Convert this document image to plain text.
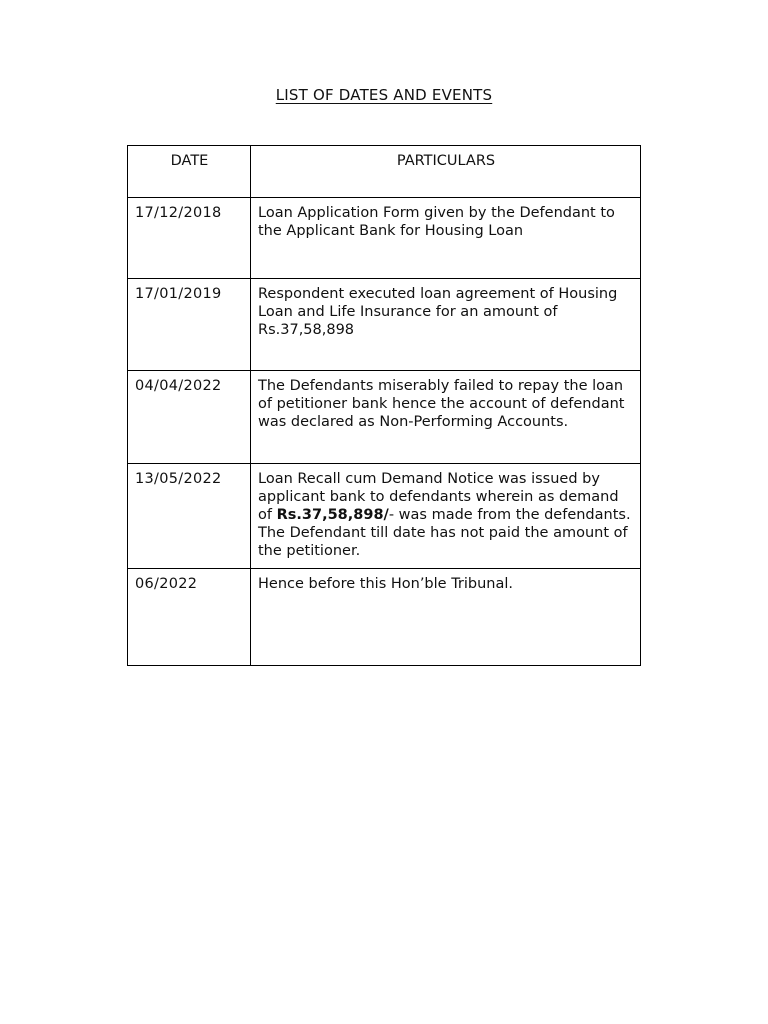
LIST OF DATES AND EVENTS
DATE	PARTICULARS
17/12/2018	Loan Application Form given by the Defendant to the Applicant Bank for Housing Loan
17/01/2019	Respondent executed loan agreement of Housing Loan and Life Insurance for an amount of Rs.37,58,898
04/04/2022	The Defendants miserably failed to repay the loan of petitioner bank hence the account of defendant was declared as Non-Performing Accounts.
13/05/2022	Loan Recall cum Demand Notice was issued by applicant bank to defendants wherein as demand of Rs.37,58,898/- was made from the defendants. The Defendant till date has not paid the amount of the petitioner.
06/2022	Hence before this Hon’ble Tribunal.
